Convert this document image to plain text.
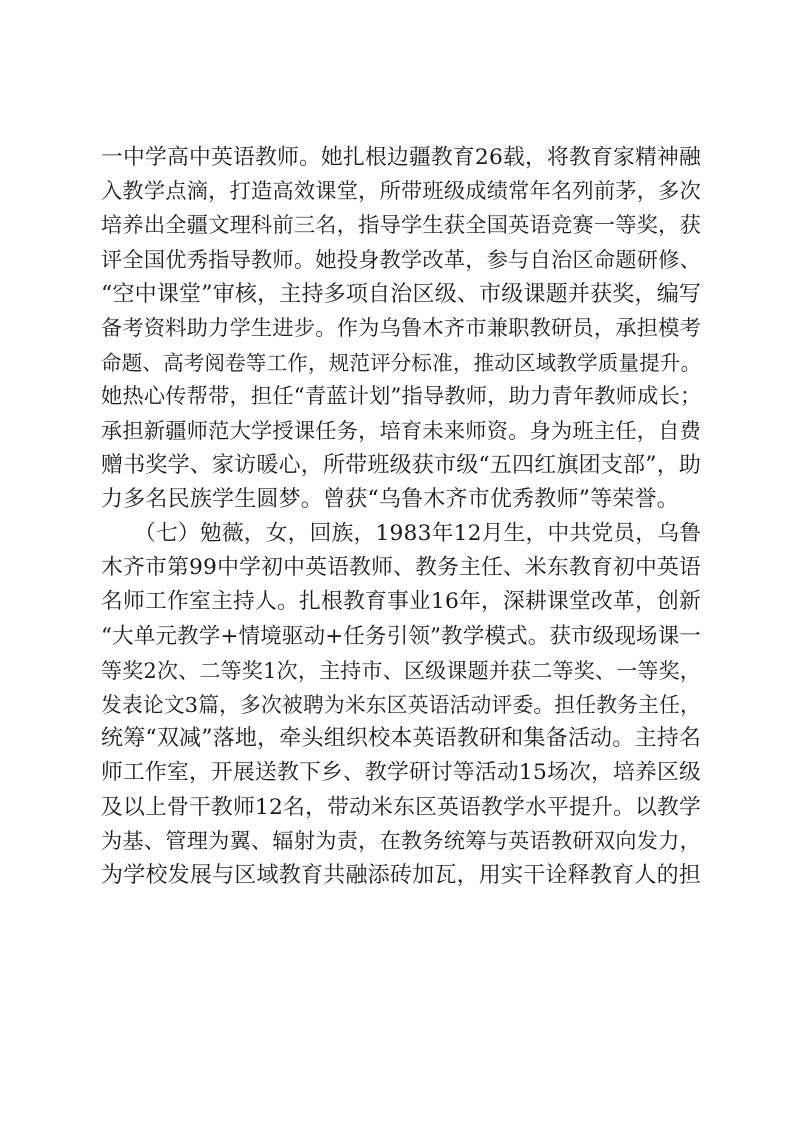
一中学高中英语教师。她扎根边疆教育26载，将教育家精神融
入教学点滴，打造高效课堂，所带班级成绩常年名列前茅，多次
培养出全疆文理科前三名，指导学生获全国英语竞赛一等奖，获
评全国优秀指导教师。她投身教学改革，参与自治区命题研修、
“空中课堂”审核，主持多项自治区级、市级课题并获奖，编写
备考资料助力学生进步。作为乌鲁木齐市兼职教研员，承担模考
命题、高考阅卷等工作，规范评分标准，推动区域教学质量提升。
她热心传帮带，担任“青蓝计划”指导教师，助力青年教师成长；
承担新疆师范大学授课任务，培育未来师资。身为班主任，自费
赠书奖学、家访暖心，所带班级获市级“五四红旗团支部”，助
力多名民族学生圆梦。曾获“乌鲁木齐市优秀教师”等荣誉。
　　（七）勉薇，女，回族，1983年12月生，中共党员，乌鲁
木齐市第99中学初中英语教师、教务主任、米东教育初中英语
名师工作室主持人。扎根教育事业16年，深耕课堂改革，创新
“大单元教学+情境驱动+任务引领”教学模式。获市级现场课一
等奖2次、二等奖1次，主持市、区级课题并获二等奖、一等奖，
发表论文3篇，多次被聘为米东区英语活动评委。担任教务主任，
统筹“双减”落地，牵头组织校本英语教研和集备活动。主持名
师工作室，开展送教下乡、教学研讨等活动15场次，培养区级
及以上骨干教师12名，带动米东区英语教学水平提升。以教学
为基、管理为翼、辐射为责，在教务统筹与英语教研双向发力，
为学校发展与区域教育共融添砖加瓦，用实干诠释教育人的担
